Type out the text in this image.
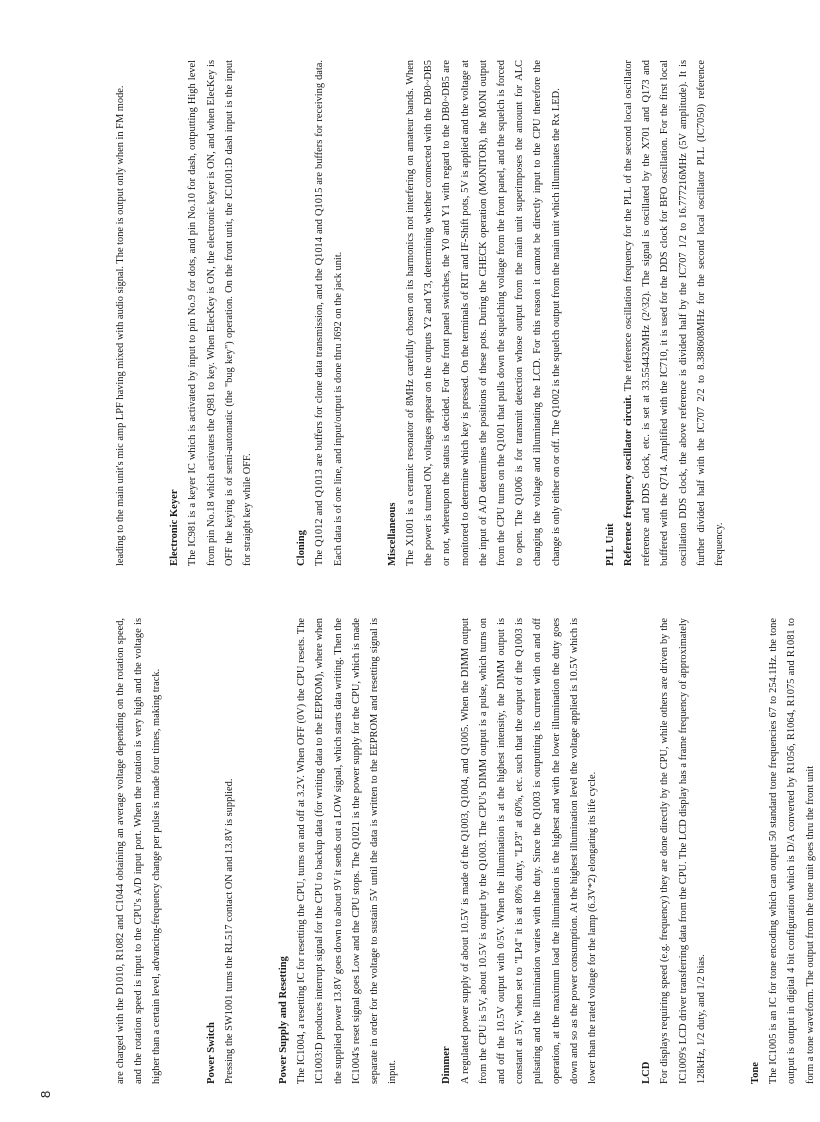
8

are charged with the D1010, R1082 and C1044 obtaining an average voltage depending on the rotation speed, and the rotation speed is input to the CPU's A/D input port. When the rotation is very high and the voltage is higher than a certain level, advancing-frequency change per pulse is made four times, making track.	Power Switch Pressing the SW1001 turns the RL517 contact ON and 13.8V is supplied.	Power Supply and Resetting The IC1004, a resetting IC for resetting the CPU, turns on and off at 3.2V. When OFF (0V) the CPU resets. The IC1003:D produces interrupt signal for the CPU to backup data (for writing data to the EEPROM), where when the supplied power 13.8V goes down to about 9V it sends out a LOW signal, which starts data writing. Then the IC1004's reset signal goes Low and the CPU stops. The Q1021 is the power supply for the CPU, which is made separate in order for the voltage to sustain 5V until the data is written to the EEPROM and resetting signal is input.	Dimmer A regulated power supply of about 10.5V is made of the Q1003, Q1004, and Q1005. When the DIMM output from the CPU is 5V, about 10.5V is output by the Q1003. The CPU's DIMM output is a pulse, which turns on and off the 10.5V output with 0/5V. When the illumination is at the highest intensity, the DIMM output is constant at 5V; when set to "LP4" it is at 80% duty, "LP3" at 60%, etc. such that the output of the Q1003 is pulsating and the illumination varies with the duty. Since the Q1003 is outputting its current with on and off operation, at the maximum load the illumination is the highest and with the lower illumination the duty goes down and so as the power consumption. At the highest illumination level the voltage applied is 10.5V which is lower than the rated voltage for the lamp (6.3V*2) elongating its life cycle.	LCD For displays requiring speed (e.g. frequency) they are done directly by the CPU, while others are driven by the IC1009's LCD driver transferring data from the CPU. The LCD display has a frame frequency of approximately 128kHz, 1/2 duty, and 1/2 bias.	Tone The IC1005 is an IC for tone encoding which can output 50 standard tone frequencies 67 to 254.1Hz. the tone output is output in digital 4 bit configuration which is D/A converted by R1056, R1064, R1075 and R1081 to form a tone waveform. The output from the tone unit goes thru the front unit

leading to the main unit's mic amp LPF having mixed with audio signal. The tone is output only when in FM mode.	Electronic Keyer The IC981 is a keyer IC which is activated by input to pin No.9 for dots, and pin No.10 for dash, outputting High level from pin No.18 which activates the Q981 to key. When ElecKey is ON, the electronic keyer is ON, and when ElecKey is OFF the keying is of semi-automatic (the "bug key") operation. On the front unit, the IC1001:D dash input is the input for straight key while OFF.	Cloning The Q1012 and Q1013 are buffers for clone data transmission, and the Q1014 and Q1015 are buffers for receiving data. Each data is of one line, and input/output is done thru J692 on the jack unit.	Miscellaneous The X1001 is a ceramic resonator of 8MHz carefully chosen on its harmonics not interfering on amateur bands. When the power is turned ON, voltages appear on the outputs Y2 and Y3, determining whether connected with the DB0~DB5 or not, whereupon the status is decided. For the front panel switches, the Y0 and Y1 with regard to the DB0~DB5 are monitored to determine which key is pressed. On the terminals of RIT and IF-Shift pots, 5V is applied and the voltage at the input of A/D determines the positions of these pots. During the CHECK operation (MONITOR), the MONI output from the CPU turns on the Q1001 that pulls down the squelching voltage from the front panel, and the squelch is forced to open. The Q1006 is for transmit detection whose output from the main unit superimposes the amount for ALC changing the voltage and illuminating the LCD. For this reason it cannot be directly input to the CPU therefore the change is only either on or off. The Q1002 is the squelch output from the main unit which illuminates the Rx LED.	PLL Unit Reference frequency oscillator circuit. The reference oscillation frequency for the PLL of the second local oscillator reference and DDS clock, etc. is set at 33.554432MHz (2^32). The signal is oscillated by the X701 and Q173 and buffered with the Q714. Amplified with the IC710, it is used for the DDS clock for BFO oscillation. For the first local oscillation DDS clock, the above reference is divided half by the IC707 1/2 to 16.777216MHz (5V amplitude). It is further divided half with the IC707 2/2 to 8.388608MHz for the second local oscillator PLL (IC7050) reference frequency.
